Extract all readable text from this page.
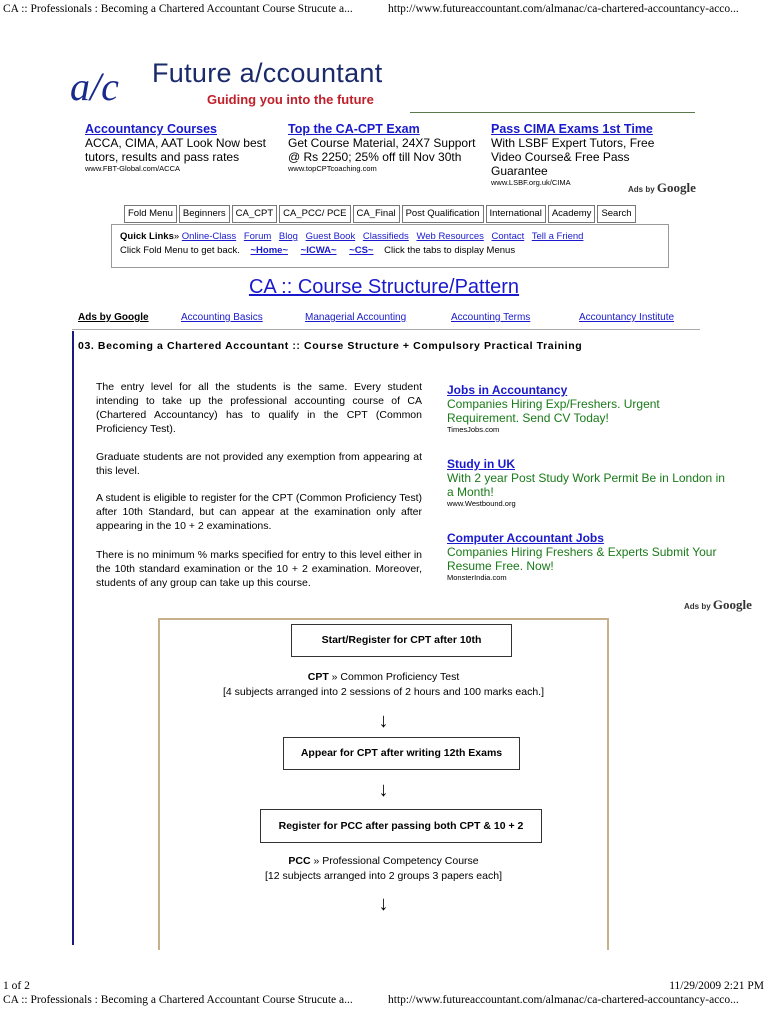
CA :: Professionals : Becoming a Chartered Accountant Course Strucute a...	http://www.futureaccountant.com/almanac/ca-chartered-accountancy-acco...
a/c Future a/ccountant
Guiding you into the future
Accountancy Courses
ACCA, CIMA, AAT Look Now best tutors, results and pass rates
www.FBT-Global.com/ACCA
Top the CA-CPT Exam
Get Course Material, 24X7 Support @ Rs 2250; 25% off till Nov 30th
www.topCPTcoaching.com
Pass CIMA Exams 1st Time
With LSBF Expert Tutors, Free Video Course& Free Pass Guarantee
www.LSBF.org.uk/CIMA
Ads by Google
Fold Menu	Beginners	CA_CPT	CA_PCC/ PCE	CA_Final	Post Qualification	International	Academy	Search
Quick Links» Online-Class Forum Blog Guest Book Classifieds Web Resources Contact Tell a Friend
Click Fold Menu to get back. ~Home~ ~ICWA~ ~CS~ Click the tabs to display Menus
CA :: Course Structure/Pattern
Ads by Google	Accounting Basics	Managerial Accounting	Accounting Terms	Accountancy Institute
03. Becoming a Chartered Accountant :: Course Structure + Compulsory Practical Training
The entry level for all the students is the same. Every student intending to take up the professional accounting course of CA (Chartered Accountancy) has to qualify in the CPT (Common Proficiency Test).
Graduate students are not provided any exemption from appearing at this level.
A student is eligible to register for the CPT (Common Proficiency Test) after 10th Standard, but can appear at the examination only after appearing in the 10 + 2 examinations.
There is no minimum % marks specified for entry to this level either in the 10th standard examination or the 10 + 2 examination. Moreover, students of any group can take up this course.
Jobs in Accountancy
Companies Hiring Exp/Freshers. Urgent Requirement. Send CV Today!
TimesJobs.com
Study in UK
With 2 year Post Study Work Permit Be in London in a Month!
www.Westbound.org
Computer Accountant Jobs
Companies Hiring Freshers & Experts Submit Your Resume Free. Now!
MonsterIndia.com
Ads by Google
Start/Register for CPT after 10th
CPT » Common Proficiency Test
[4 subjects arranged into 2 sessions of 2 hours and 100 marks each.]
↓
Appear for CPT after writing 12th Exams
↓
Register for PCC after passing both CPT & 10 + 2
PCC » Professional Competency Course
[12 subjects arranged into 2 groups 3 papers each]
↓
1 of 2	11/29/2009 2:21 PM
CA :: Professionals : Becoming a Chartered Accountant Course Strucute a...	http://www.futureaccountant.com/almanac/ca-chartered-accountancy-acco...
